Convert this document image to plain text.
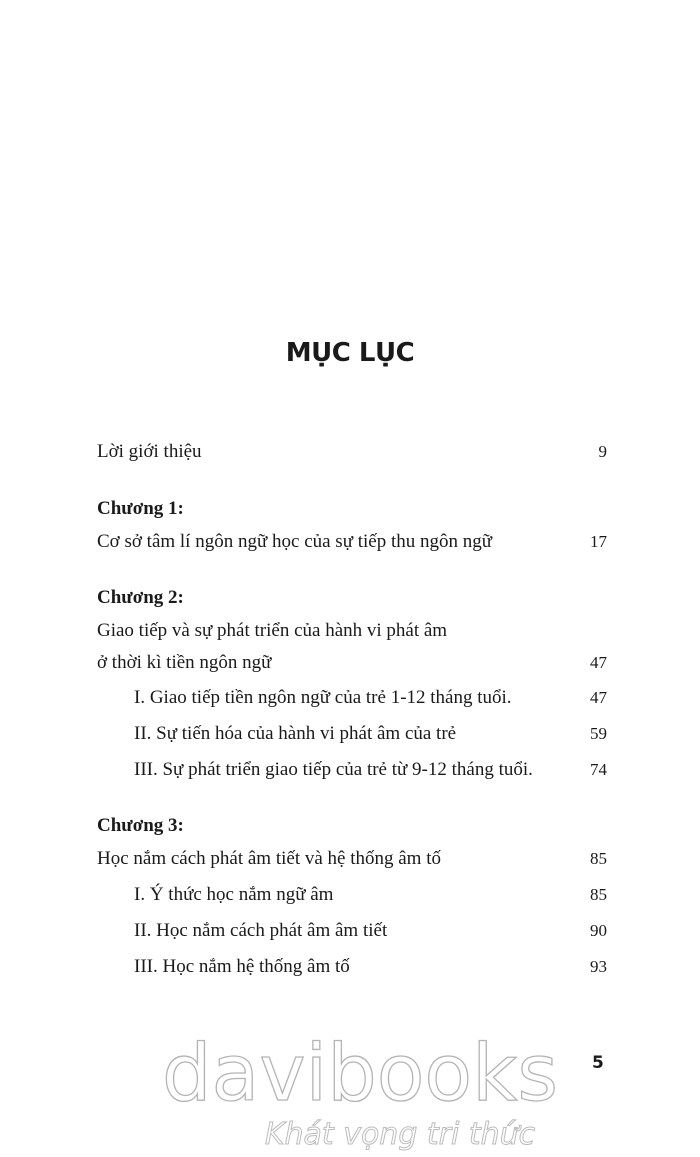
MỤC LỤC
Lời giới thiệu	9
Chương 1:
Cơ sở tâm lí ngôn ngữ học của sự tiếp thu ngôn ngữ	17
Chương 2:
Giao tiếp và sự phát triển của hành vi phát âm
ở thời kì tiền ngôn ngữ	47
I. Giao tiếp tiền ngôn ngữ của trẻ 1-12 tháng tuổi.	47
II. Sự tiến hóa của hành vi phát âm của trẻ	59
III. Sự phát triển giao tiếp của trẻ từ 9-12 tháng tuổi.	74
Chương 3:
Học nắm cách phát âm tiết và hệ thống âm tố	85
I. Ý thức học nắm ngữ âm	85
II. Học nắm cách phát âm âm tiết	90
III. Học nắm hệ thống âm tố	93
5
davibooks
Khát vọng tri thức
